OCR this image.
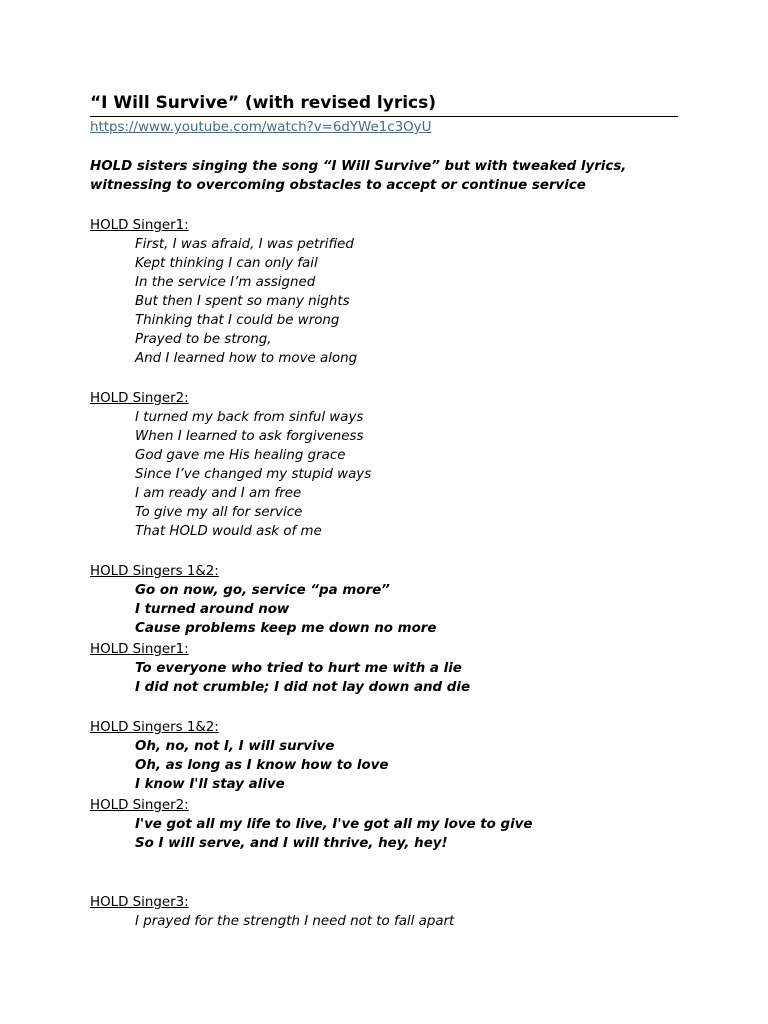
“I Will Survive” (with revised lyrics)
https://www.youtube.com/watch?v=6dYWe1c3OyU

HOLD sisters singing the song “I Will Survive” but with tweaked lyrics,
witnessing to overcoming obstacles to accept or continue service

HOLD Singer1:
First, I was afraid, I was petrified
Kept thinking I can only fail
In the service I’m assigned
But then I spent so many nights
Thinking that I could be wrong
Prayed to be strong,
And I learned how to move along
HOLD Singer2:
I turned my back from sinful ways
When I learned to ask forgiveness
God gave me His healing grace
Since I’ve changed my stupid ways
I am ready and I am free
To give my all for service
That HOLD would ask of me
HOLD Singers 1&2:
Go on now, go, service “pa more”
I turned around now
Cause problems keep me down no more
HOLD Singer1:
To everyone who tried to hurt me with a lie
I did not crumble; I did not lay down and die
HOLD Singers 1&2:
Oh, no, not I, I will survive
Oh, as long as I know how to love
I know I'll stay alive
HOLD Singer2:
I've got all my life to live, I've got all my love to give
So I will serve, and I will thrive, hey, hey!
HOLD Singer3:
I prayed for the strength I need not to fall apart
